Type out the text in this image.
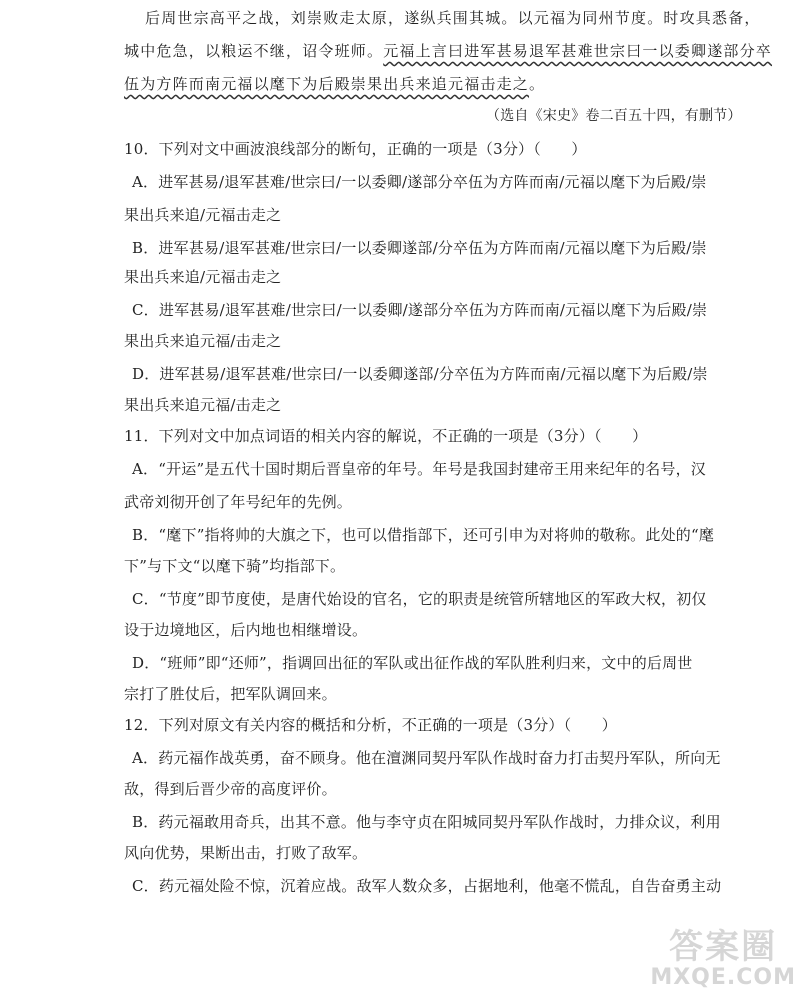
后周世宗高平之战，刘崇败走太原，遂纵兵围其城。以元福为同州节度。时攻具悉备，
城中危急，以粮运不继，诏令班师。元福上言曰进军甚易退军甚难世宗曰一以委卿遂部分卒
伍为方阵而南元福以麾下为后殿崇果出兵来追元福击走之。
（选自《宋史》卷二百五十四，有删节）
10．下列对文中画波浪线部分的断句，正确的一项是（3分）（　　）
A．进军甚易/退军甚难/世宗曰/一以委卿/遂部分卒伍为方阵而南/元福以麾下为后殿/崇
果出兵来追/元福击走之
B．进军甚易/退军甚难/世宗曰/一以委卿遂部/分卒伍为方阵而南/元福以麾下为后殿/崇
果出兵来追/元福击走之
C．进军甚易/退军甚难/世宗曰/一以委卿/遂部分卒伍为方阵而南/元福以麾下为后殿/崇
果出兵来追元福/击走之
D．进军甚易/退军甚难/世宗曰/一以委卿遂部/分卒伍为方阵而南/元福以麾下为后殿/崇
果出兵来追元福/击走之
11．下列对文中加点词语的相关内容的解说，不正确的一项是（3分）（　　）
A．“开运”是五代十国时期后晋皇帝的年号。年号是我国封建帝王用来纪年的名号，汉
武帝刘彻开创了年号纪年的先例。
B．“麾下”指将帅的大旗之下，也可以借指部下，还可引申为对将帅的敬称。此处的“麾
下”与下文“以麾下骑”均指部下。
C．“节度”即节度使，是唐代始设的官名，它的职责是统管所辖地区的军政大权，初仅
设于边境地区，后内地也相继增设。
D．“班师”即“还师”，指调回出征的军队或出征作战的军队胜利归来，文中的后周世
宗打了胜仗后，把军队调回来。
12．下列对原文有关内容的概括和分析，不正确的一项是（3分）（　　）
A．药元福作战英勇，奋不顾身。他在澶渊同契丹军队作战时奋力打击契丹军队，所向无
敌，得到后晋少帝的高度评价。
B．药元福敢用奇兵，出其不意。他与李守贞在阳城同契丹军队作战时，力排众议，利用
风向优势，果断出击，打败了敌军。
C．药元福处险不惊，沉着应战。敌军人数众多，占据地利，他毫不慌乱，自告奋勇主动
答案圈
MXQE.COM
